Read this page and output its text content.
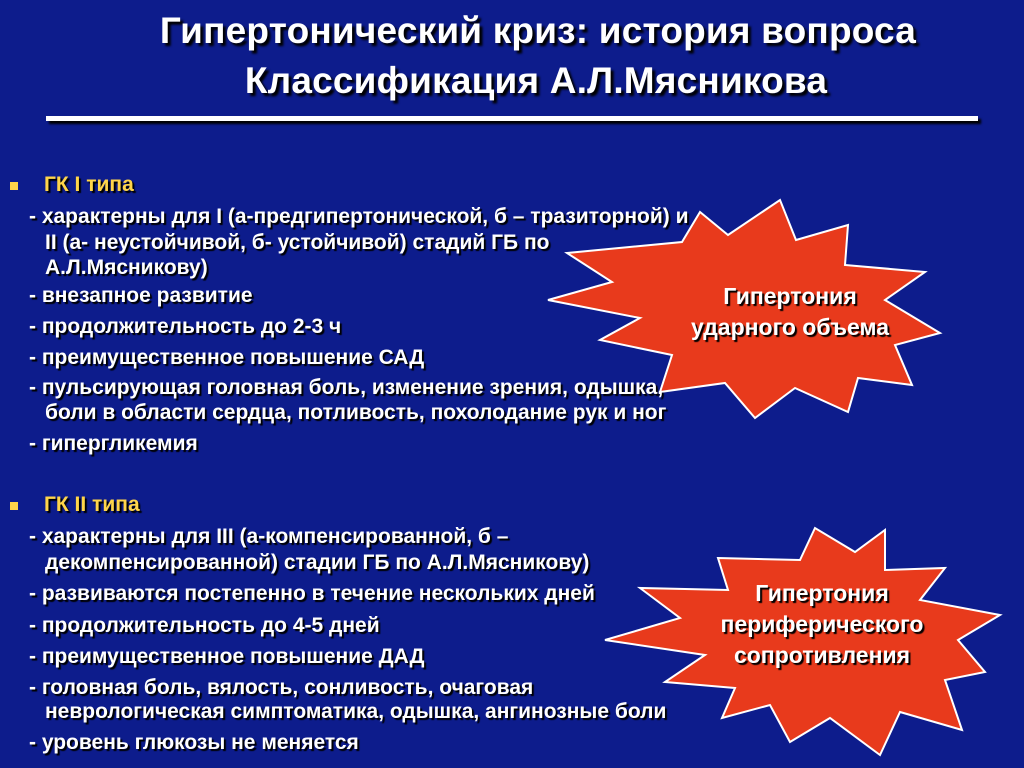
Гипертонический криз: история вопроса
Классификация А.Л.Мясникова
ГК I типа
- характерны для I (а-предгипертонической, б – тразиторной) и
II (а- неустойчивой, б- устойчивой) стадий ГБ по
А.Л.Мясникову)
- внезапное развитие
- продолжительность до 2-3 ч
- преимущественное повышение САД
- пульсирующая головная боль, изменение зрения, одышка,
боли в области сердца, потливость, похолодание рук и ног
- гипергликемия
ГК II типа
- характерны для III (а-компенсированной, б –
декомпенсированной) стадии ГБ по А.Л.Мясникову)
- развиваются постепенно в течение нескольких дней
- продолжительность до 4-5 дней
- преимущественное повышение ДАД
- головная боль, вялость, сонливость, очаговая
неврологическая симптоматика, одышка, ангинозные боли
- уровень глюкозы не меняется
Гипертония
ударного объема
Гипертония
периферического
сопротивления
